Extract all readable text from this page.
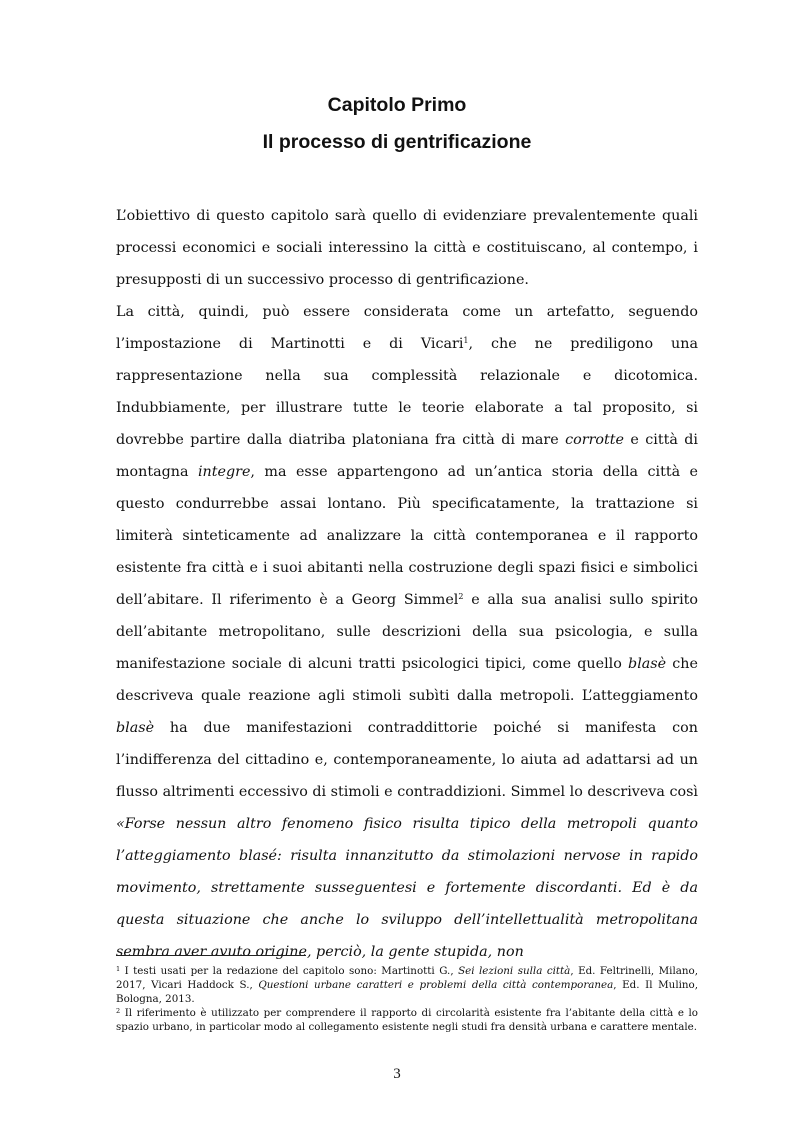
Capitolo Primo
Il processo di gentrificazione

L’obiettivo di questo capitolo sarà quello di evidenziare prevalentemente quali processi economici e sociali interessino la città e costituiscano, al contempo, i presupposti di un successivo processo di gentrificazione.

La città, quindi, può essere considerata come un artefatto, seguendo l’impostazione di Martinotti e di Vicari$^1$, che ne prediligono una rappresentazione nella sua complessità relazionale e dicotomica. Indubbiamente, per illustrare tutte le teorie elaborate a tal proposito, si dovrebbe partire dalla diatriba platoniana fra città di mare corrotte e città di montagna integre, ma esse appartengono ad un’antica storia della città e questo condurrebbe assai lontano. Più specificatamente, la trattazione si limiterà sinteticamente ad analizzare la città contemporanea e il rapporto esistente fra città e i suoi abitanti nella costruzione degli spazi fisici e simbolici dell’abitare. Il riferimento è a Georg Simmel$^2$ e alla sua analisi sullo spirito dell’abitante metropolitano, sulle descrizioni della sua psicologia, e sulla manifestazione sociale di alcuni tratti psicologici tipici, come quello blasè che descriveva quale reazione agli stimoli subìti dalla metropoli. L’atteggiamento blasè ha due manifestazioni contraddittorie poiché si manifesta con l’indifferenza del cittadino e, contemporaneamente, lo aiuta ad adattarsi ad un flusso altrimenti eccessivo di stimoli e contraddizioni. Simmel lo descriveva così «Forse nessun altro fenomeno fisico risulta tipico della metropoli quanto l’atteggiamento blasé: risulta innanzitutto da stimolazioni nervose in rapido movimento, strettamente susseguentesi e fortemente discordanti. Ed è da questa situazione che anche lo sviluppo dell’intellettualità metropolitana sembra aver avuto origine, perciò, la gente stupida, non

$^1$ I testi usati per la redazione del capitolo sono: Martinotti G., Sei lezioni sulla città, Ed. Feltrinelli, Milano, 2017, Vicari Haddock S., Questioni urbane caratteri e problemi della città contemporanea, Ed. Il Mulino, Bologna, 2013.

$^2$ Il riferimento è utilizzato per comprendere il rapporto di circolarità esistente fra l’abitante della città e lo spazio urbano, in particolar modo al collegamento esistente negli studi fra densità urbana e carattere mentale.

3
